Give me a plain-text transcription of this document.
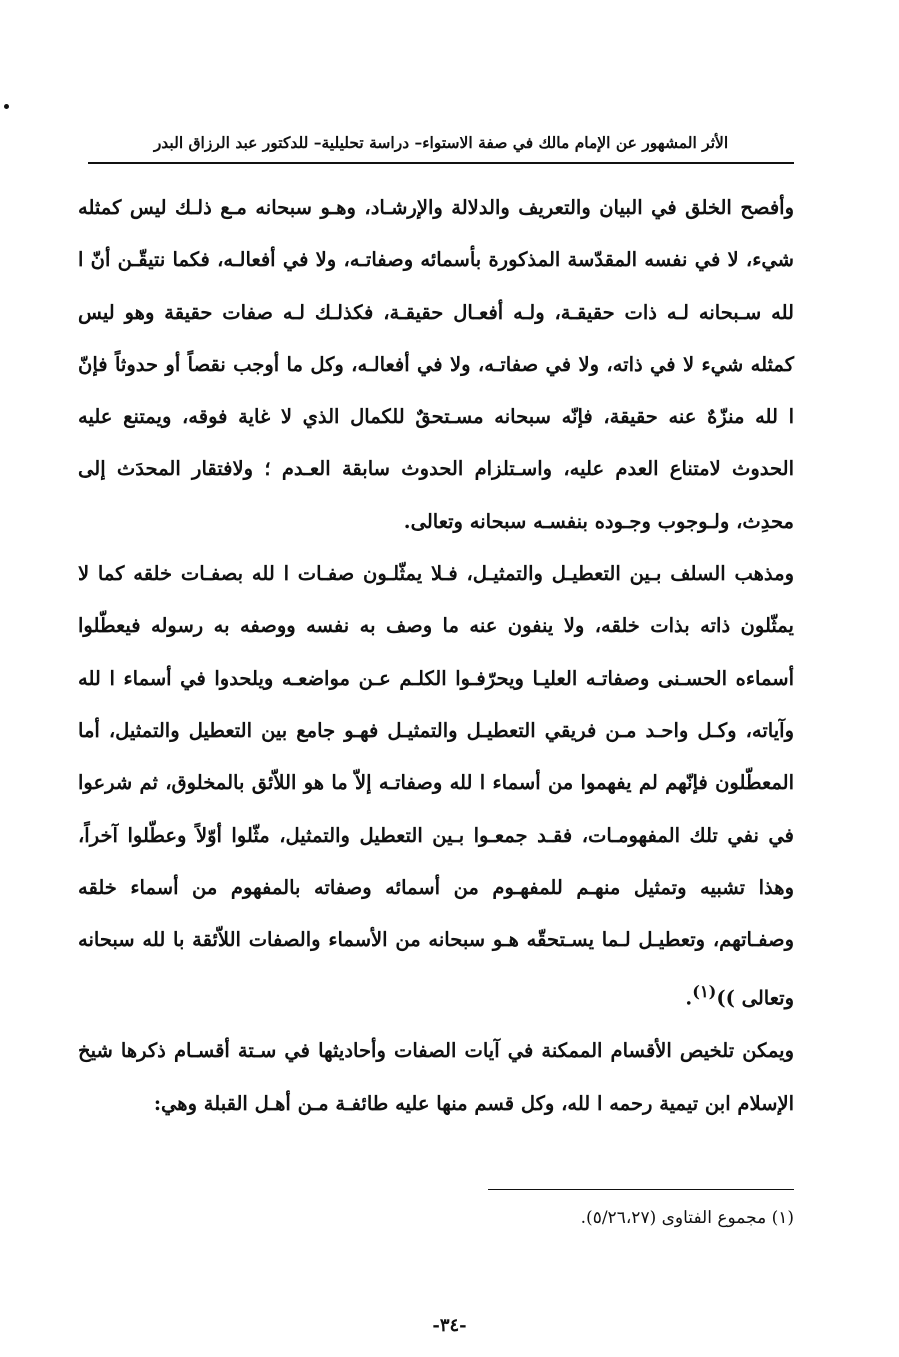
الأثر المشهور عن الإمام مالك في صفة الاستواء– دراسة تحليلية– للدكتور عبد الرزاق البدر

وأفصح الخلق في البيان والتعريف والدلالة والإرشـاد، وهـو سبحانه مـع ذلـك ليس كمثله شيء، لا في نفسه المقدّسة المذكورة بأسمائه وصفاتـه، ولا في أفعالـه، فكما نتيقّـن أنّ ا لله سـبحانه لـه ذات حقيقـة، ولـه أفعـال حقيقـة، فكذلـك لـه صفات حقيقة وهو ليس كمثله شيء لا في ذاته، ولا في صفاتـه، ولا في أفعالـه، وكل ما أوجب نقصاً أو حدوثاً فإنّ ا لله منزّهٌ عنه حقيقة، فإنّه سبحانه مسـتحقٌ للكمال الذي لا غاية فوقه، ويمتنع عليه الحدوث لامتناع العدم عليه، واسـتلزام الحدوث سابقة العـدم ؛ ولافتقار المحدَث إلى محدِث، ولـوجوب وجـوده بنفسـه سبحانه وتعالى.

ومذهب السلف بـين التعطيـل والتمثيـل، فـلا يمثّلـون صفـات ا لله بصفـات خلقه كما لا يمثّلون ذاته بذات خلقه، ولا ينفون عنه ما وصف به نفسه ووصفه به رسوله فيعطّلوا أسماءه الحسـنى وصفاتـه العليـا ويحرّفـوا الكلـم عـن مواضعـه ويلحدوا في أسماء ا لله وآياته، وكـل واحـد مـن فريقي التعطيـل والتمثيـل فهـو جامع بين التعطيل والتمثيل، أما المعطّلون فإنّهم لم يفهموا من أسماء ا لله وصفاتـه إلاّ ما هو اللاّئق بالمخلوق، ثم شرعوا في نفي تلك المفهومـات، فقـد جمعـوا بـين التعطيل والتمثيل، مثّلوا أوّلاً وعطّلوا آخراً، وهذا تشبيه وتمثيل منهـم للمفهـوم من أسمائه وصفاته بالمفهوم من أسماء خلقه وصفـاتهم، وتعطيـل لـما يسـتحقّه هـو سبحانه من الأسماء والصفات اللاّئقة با لله سبحانه وتعالى ))$^{(١)}$.

ويمكن تلخيص الأقسام الممكنة في آيات الصفات وأحاديثها في سـتة أقسـام ذكرها شيخ الإسلام ابن تيمية رحمه ا لله، وكل قسم منها عليه طائفـة مـن أهـل القبلة وهي:

(١) مجموع الفتاوى (٥/٢٦،٢٧).
-٣٤-
